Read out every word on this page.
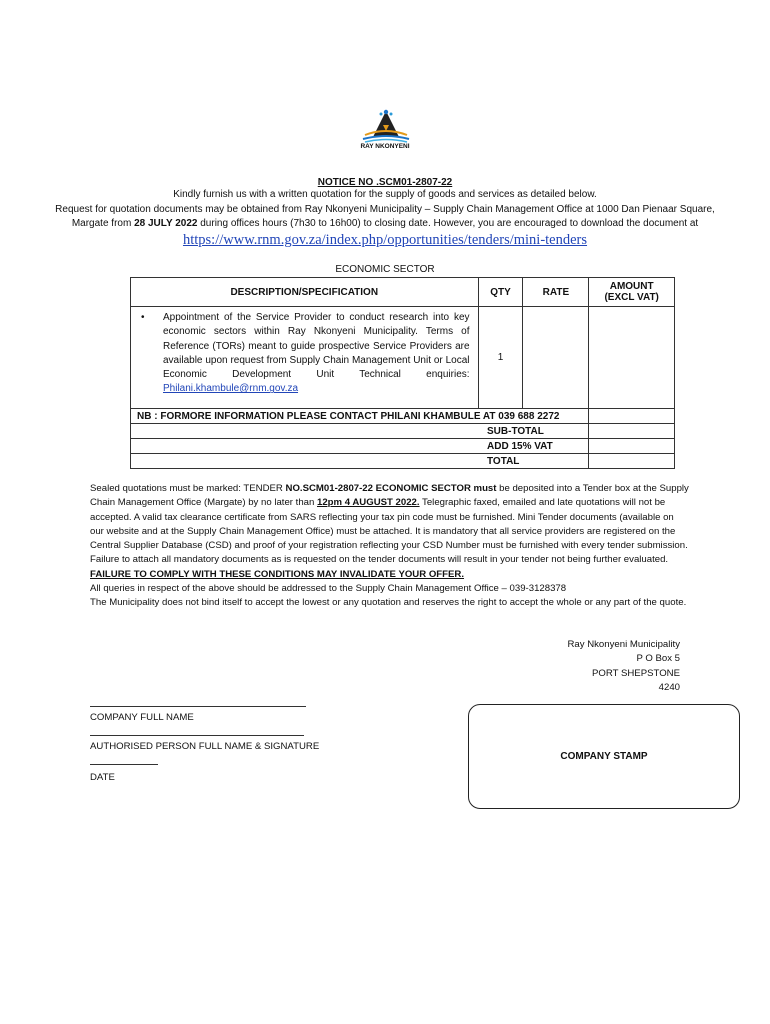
RAY NKONYENI
NOTICE NO .SCM01-2807-22
Kindly furnish us with a written quotation for the supply of goods and services as detailed below.
Request for quotation documents may be obtained from Ray Nkonyeni Municipality – Supply Chain Management Office at 1000 Dan Pienaar Square,
Margate from 28 JULY 2022 during offices hours (7h30 to 16h00) to closing date. However, you are encouraged to download the document at
https://www.rnm.gov.za/index.php/opportunities/tenders/mini-tenders
ECONOMIC SECTOR
DESCRIPTION/SPECIFICATION	QTY	RATE	AMOUNT
(EXCL VAT)

• Appointment of the Service Provider to conduct research into key economic sectors within Ray Nkonyeni Municipality. Terms of Reference (TORs) meant to guide prospective Service Providers are available upon request from Supply Chain Management Unit or Local Economic Development Unit Technical enquiries: Philani.khambule@rnm.gov.za	1		
NB : FORMORE INFORMATION PLEASE CONTACT PHILANI KHAMBULE AT 039 688 2272			
SUB-TOTAL			
ADD 15% VAT			
TOTAL			

Sealed quotations must be marked: TENDER NO.SCM01-2807-22 ECONOMIC SECTOR must be deposited into a Tender box at the Supply Chain Management Office (Margate) by no later than 12pm 4 AUGUST 2022. Telegraphic faxed, emailed and late quotations will not be accepted. A valid tax clearance certificate from SARS reflecting your tax pin code must be furnished. Mini Tender documents (available on our website and at the Supply Chain Management Office) must be attached. It is mandatory that all service providers are registered on the Central Supplier Database (CSD) and proof of your registration reflecting your CSD Number must be furnished with every tender submission. Failure to attach all mandatory documents as is requested on the tender documents will result in your tender not being further evaluated.

FAILURE TO COMPLY WITH THESE CONDITIONS MAY INVALIDATE YOUR OFFER.

All queries in respect of the above should be addressed to the Supply Chain Management Office – 039-3128378

The Municipality does not bind itself to accept the lowest or any quotation and reserves the right to accept the whole or any part of the quote.

Ray Nkonyeni Municipality
P O Box 5
PORT SHEPSTONE
4240
COMPANY FULL NAME
AUTHORISED PERSON FULL NAME & SIGNATURE
DATE
COMPANY STAMP
